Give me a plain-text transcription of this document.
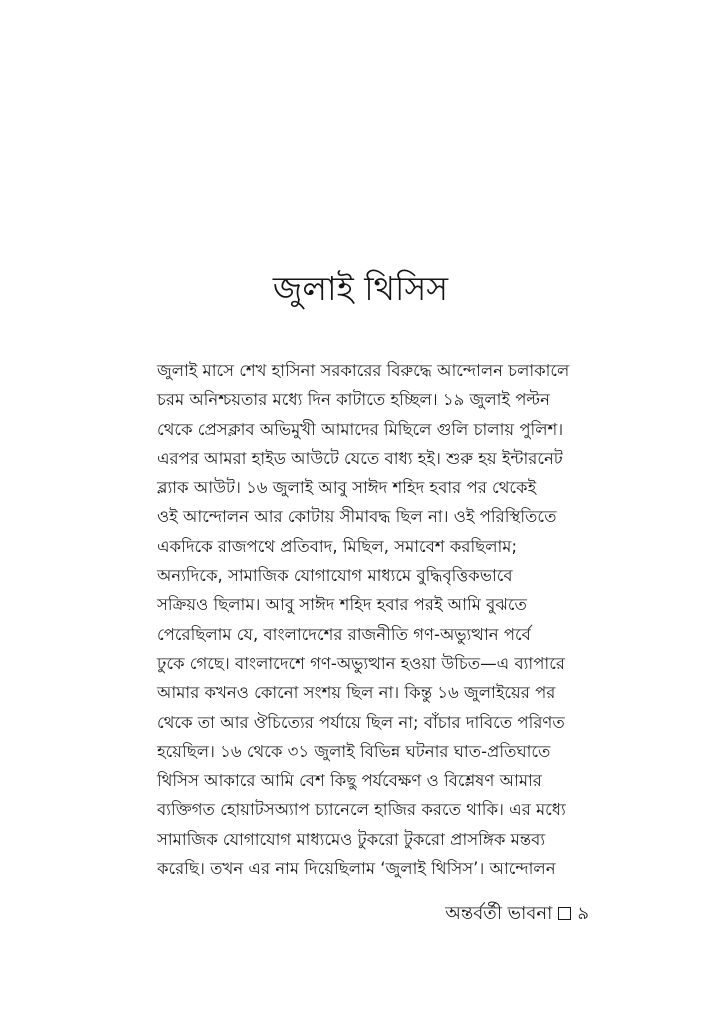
জুলাই থিসিস
জুলাই মাসে শেখ হাসিনা সরকারের বিরুদ্ধে আন্দোলন চলাকালে
চরম অনিশ্চয়তার মধ্যে দিন কাটাতে হচ্ছিল। ১৯ জুলাই পল্টন
থেকে প্রেসক্লাব অভিমুখী আমাদের মিছিলে গুলি চালায় পুলিশ।
এরপর আমরা হাইড আউটে যেতে বাধ্য হই। শুরু হয় ইন্টারনেট
ব্ল্যাক আউট। ১৬ জুলাই আবু সাঈদ শহিদ হবার পর থেকেই
ওই আন্দোলন আর কোটায় সীমাবদ্ধ ছিল না। ওই পরিস্থিতিতে
একদিকে রাজপথে প্রতিবাদ, মিছিল, সমাবেশ করছিলাম;
অন্যদিকে, সামাজিক যোগাযোগ মাধ্যমে বুদ্ধিবৃত্তিকভাবে
সক্রিয়ও ছিলাম। আবু সাঈদ শহিদ হবার পরই আমি বুঝতে
পেরেছিলাম যে, বাংলাদেশের রাজনীতি গণ-অভ্যুত্থান পর্বে
ঢুকে গেছে। বাংলাদেশে গণ-অভ্যুত্থান হওয়া উচিত—এ ব্যাপারে
আমার কখনও কোনো সংশয় ছিল না। কিন্তু ১৬ জুলাইয়ের পর
থেকে তা আর ঔচিত্যের পর্যায়ে ছিল না; বাঁচার দাবিতে পরিণত
হয়েছিল। ১৬ থেকে ৩১ জুলাই বিভিন্ন ঘটনার ঘাত-প্রতিঘাতে
থিসিস আকারে আমি বেশ কিছু পর্যবেক্ষণ ও বিশ্লেষণ আমার
ব্যক্তিগত হোয়াটসঅ্যাপ চ্যানেলে হাজির করতে থাকি। এর মধ্যে
সামাজিক যোগাযোগ মাধ্যমেও টুকরো টুকরো প্রাসঙ্গিক মন্তব্য
করেছি। তখন এর নাম দিয়েছিলাম ‘জুলাই থিসিস’। আন্দোলন
অন্তর্বর্তী ভাবনা ৯
